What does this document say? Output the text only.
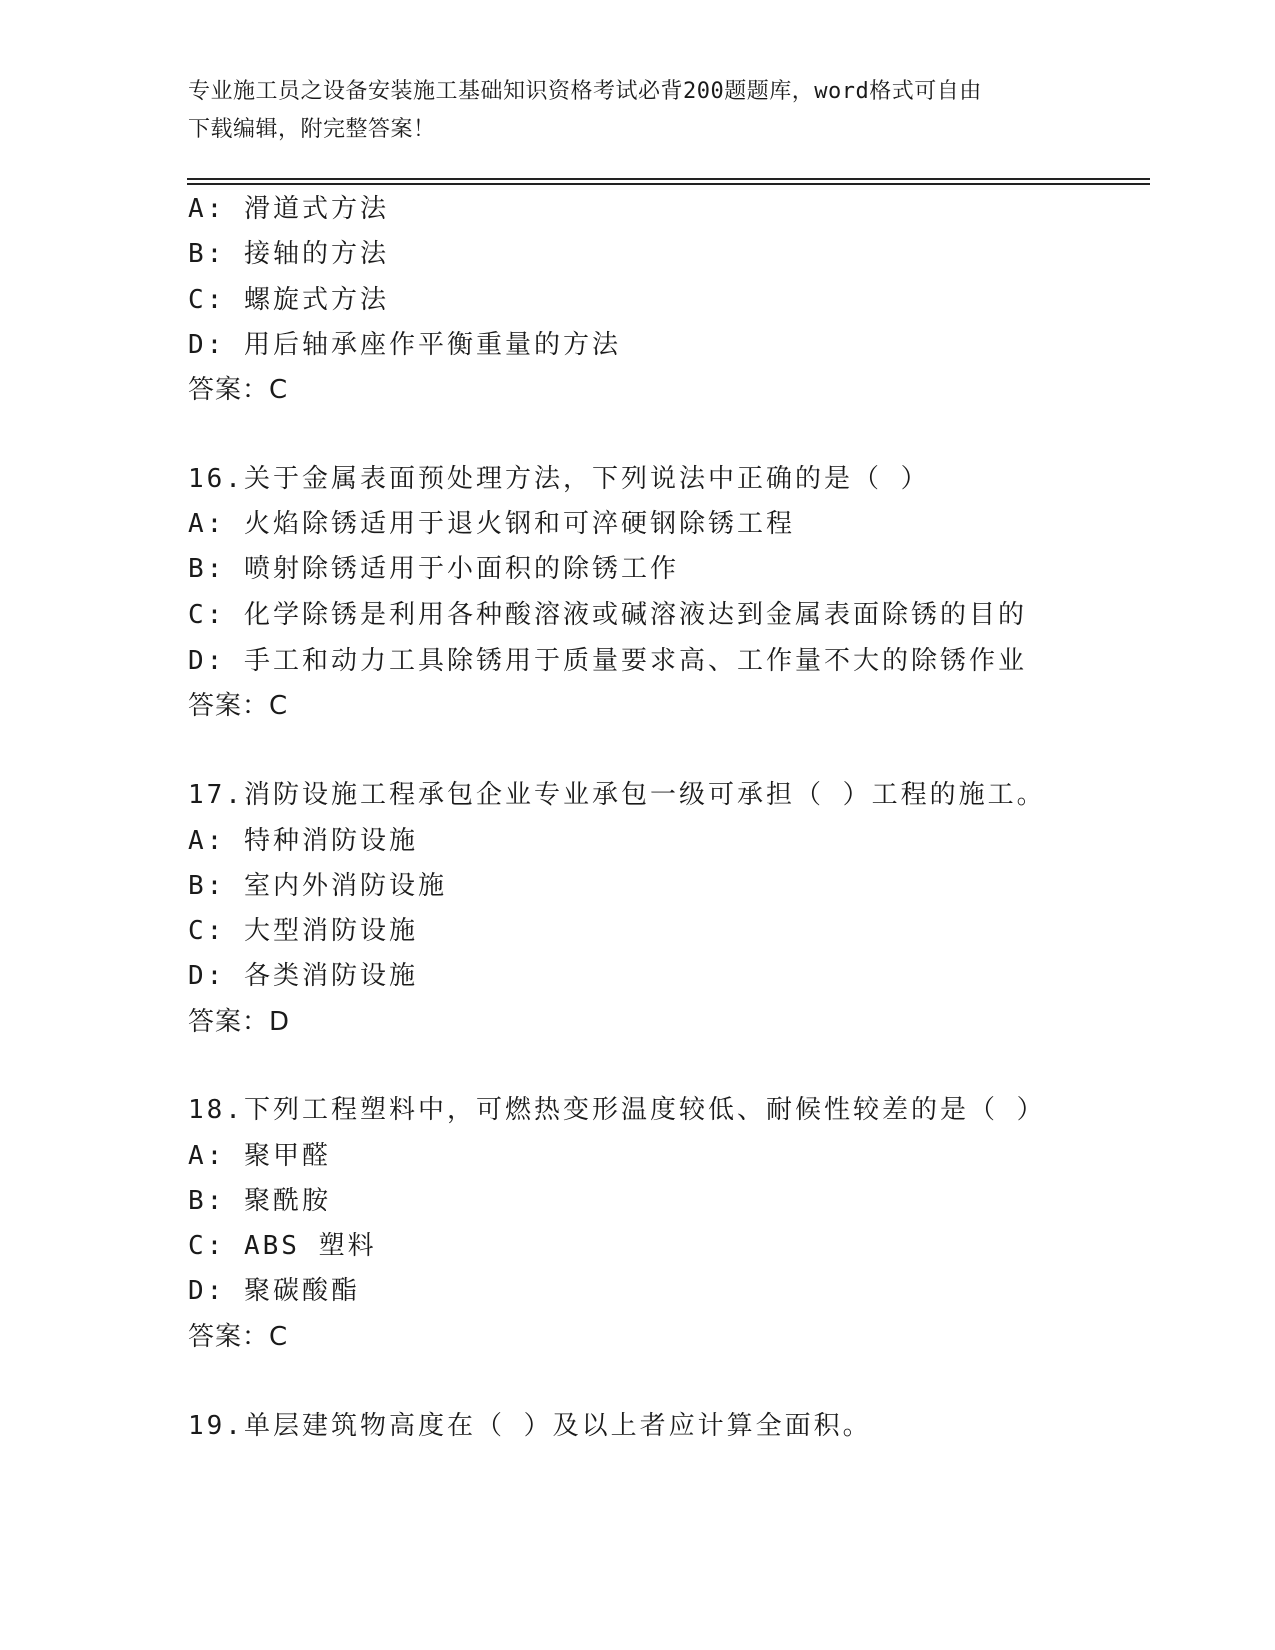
专业施工员之设备安装施工基础知识资格考试必背200题题库，word格式可自由
下载编辑，附完整答案！
A: 滑道式方法
B: 接轴的方法
C: 螺旋式方法
D: 用后轴承座作平衡重量的方法
答案：C
16.关于金属表面预处理方法，下列说法中正确的是（ ）
A: 火焰除锈适用于退火钢和可淬硬钢除锈工程
B: 喷射除锈适用于小面积的除锈工作
C: 化学除锈是利用各种酸溶液或碱溶液达到金属表面除锈的目的
D: 手工和动力工具除锈用于质量要求高、工作量不大的除锈作业
答案：C
17.消防设施工程承包企业专业承包一级可承担（ ）工程的施工。
A: 特种消防设施
B: 室内外消防设施
C: 大型消防设施
D: 各类消防设施
答案：D
18.下列工程塑料中，可燃热变形温度较低、耐候性较差的是（ ）
A: 聚甲醛
B: 聚酰胺
C: ABS 塑料
D: 聚碳酸酯
答案：C
19.单层建筑物高度在（ ）及以上者应计算全面积。
